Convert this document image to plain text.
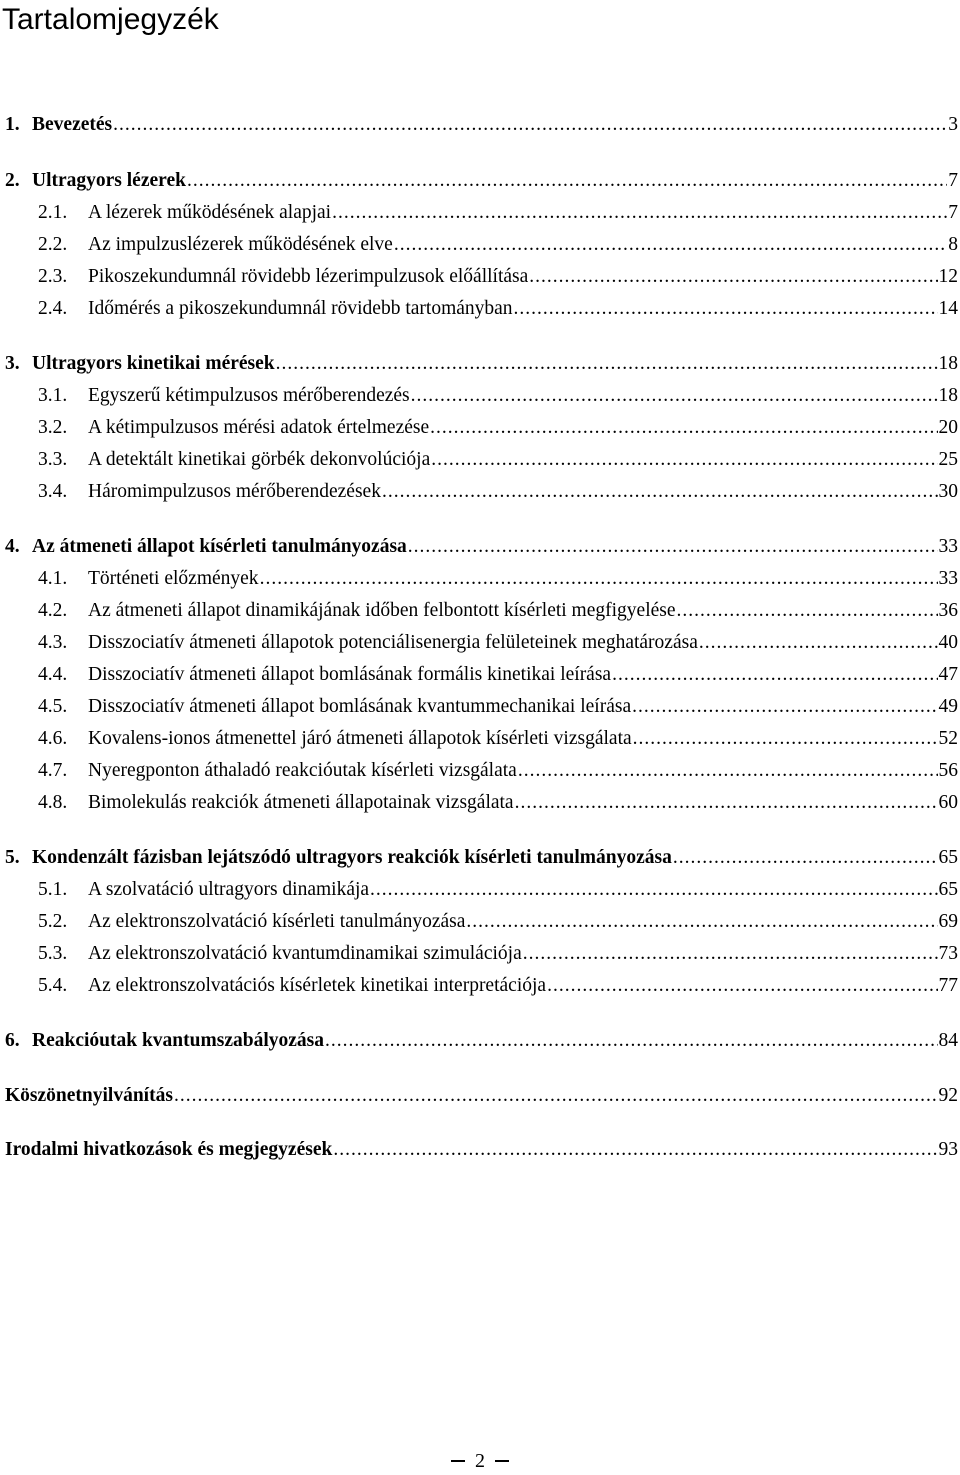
Tartalomjegyzék
1. Bevezetés .....	3
2. Ultragyors lézerek .....	7
2.1.	A lézerek működésének alapjai .....	7
2.2.	Az impulzuslézerek működésének elve .....	8
2.3.	Pikoszekundumnál rövidebb lézerimpulzusok előállítása .....	12
2.4.	Időmérés a pikoszekundumnál rövidebb tartományban .....	14
3. Ultragyors kinetikai mérések .....	18
3.1.	Egyszerű kétimpulzusos mérőberendezés .....	18
3.2.	A kétimpulzusos mérési adatok értelmezése .....	20
3.3.	A detektált kinetikai görbék dekonvolúciója .....	25
3.4.	Háromimpulzusos mérőberendezések .....	30
4. Az átmeneti állapot kísérleti tanulmányozása .....	33
4.1.	Történeti előzmények .....	33
4.2.	Az átmeneti állapot dinamikájának időben felbontott kísérleti megfigyelése .....	36
4.3.	Disszociatív átmeneti állapotok potenciálisenergia felületeinek meghatározása .....	40
4.4.	Disszociatív átmeneti állapot bomlásának formális kinetikai leírása .....	47
4.5.	Disszociatív átmeneti állapot bomlásának kvantummechanikai leírása .....	49
4.6.	Kovalens-ionos átmenettel járó átmeneti állapotok kísérleti vizsgálata .....	52
4.7.	Nyeregponton áthaladó reakcióutak kísérleti vizsgálata .....	56
4.8.	Bimolekulás reakciók átmeneti állapotainak vizsgálata .....	60
5. Kondenzált fázisban lejátszódó ultragyors reakciók kísérleti tanulmányozása .....	65
5.1.	A szolvatáció ultragyors dinamikája .....	65
5.2.	Az elektronszolvatáció kísérleti tanulmányozása .....	69
5.3.	Az elektronszolvatáció kvantumdinamikai szimulációja .....	73
5.4.	Az elektronszolvatációs kísérletek kinetikai interpretációja .....	77
6. Reakcióutak kvantumszabályozása .....	84
Köszönetnyilvánítás .....	92
Irodalmi hivatkozások és megjegyzések .....	93
2
